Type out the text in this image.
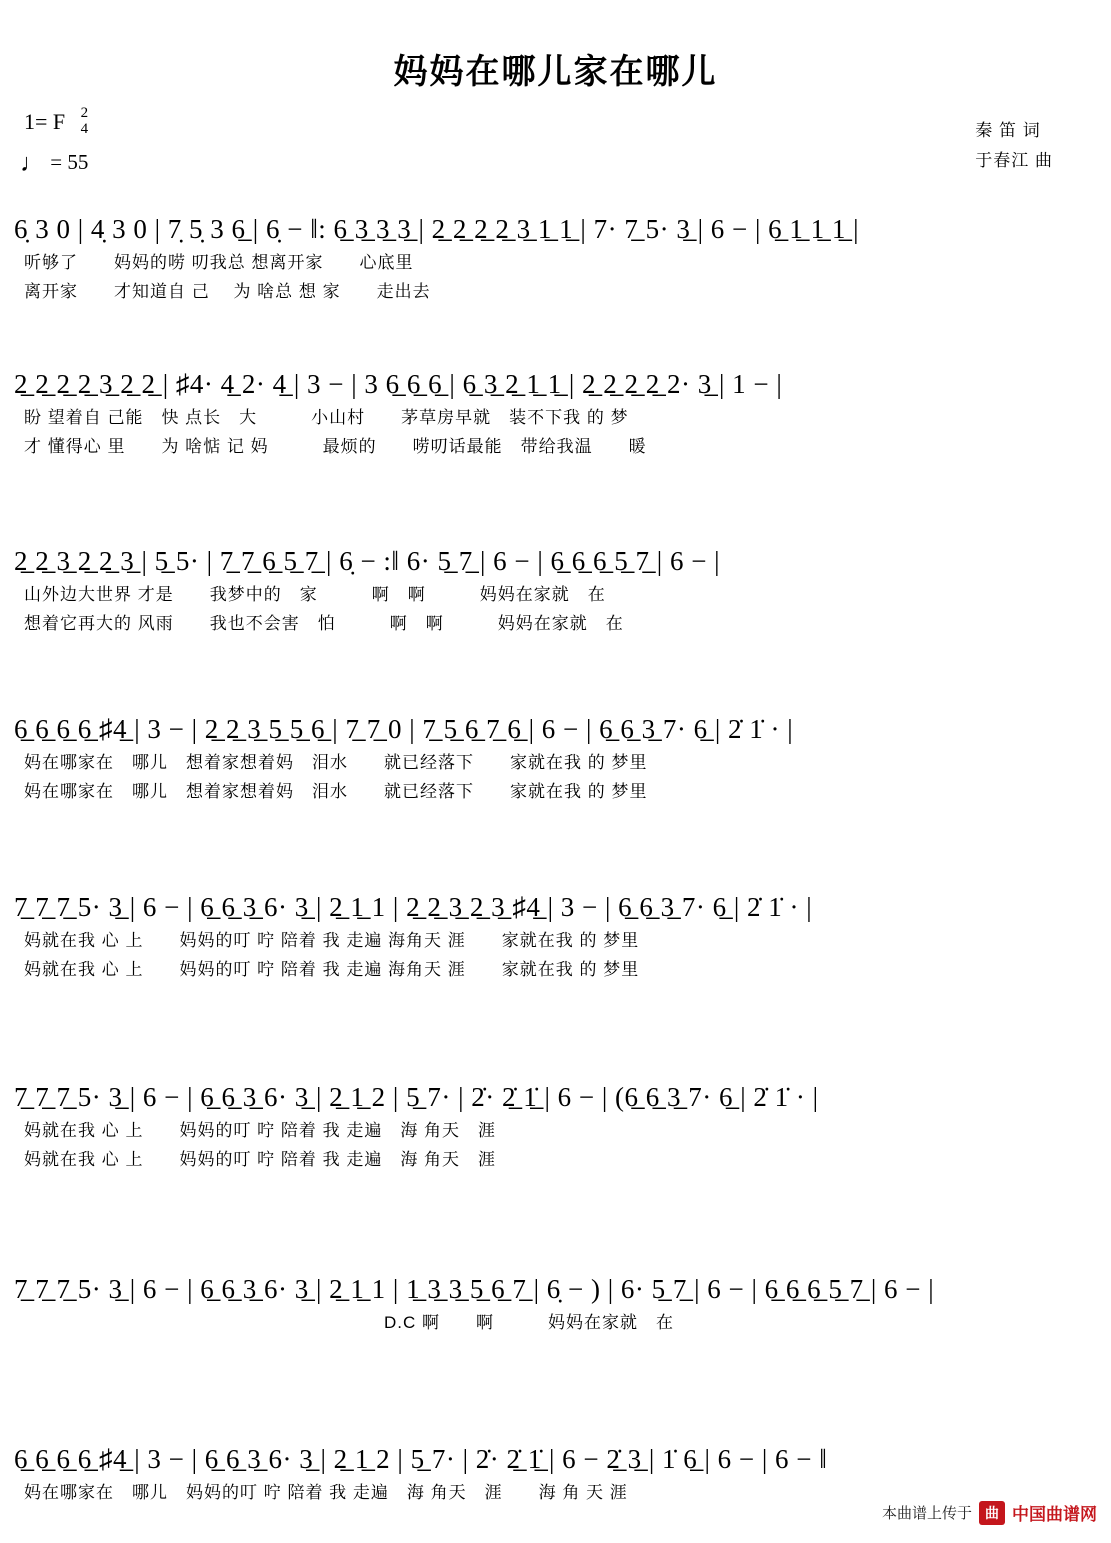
妈妈在哪儿家在哪儿
1= F 2
4
♩ = 55
秦 笛 词
于春江 曲
6̣ 3 0 | 4̣ 3 0 | 7̣ 5̣ 3 6̲ | 6̣ − ‖: 6̲ 3̲ 3̲ 3̲ | 2̲ 2̲ 2̲ 2̲ 3̲ 1̲ 1̲ | 7· 7̲ 5· 3̲ | 6 − | 6̲ 1̲ 1̲ 1̲ |
听够了　　妈妈的唠 叨我总 想离开家　　心底里
离开家　　才知道自 己　 为 啥总 想 家　　走出去
2̲ 2̲ 2̲ 2̲ 3̲ 2̲ 2̲ | ♯4· 4̲ 2· 4̲ | 3 − | 3 6̲ 6̲ 6̲ | 6̲ 3̲ 2̲ 1̲ 1̲ | 2̲ 2̲ 2̲ 2̲ 2· 3̲ | 1 − |
盼 望着自 己能　快 点长　大　　　小山村　　茅草房早就　装不下我 的 梦
才 懂得心 里　　为 啥惦 记 妈　　　最烦的　　唠叨话最能　带给我温　　暖
2̲ 2̲ 3̲ 2̲ 2̲ 3̲ | 5̲ 5· | 7̲ 7̲ 6̲ 5̲ 7̲ | 6̣ − :‖ 6· 5̲ 7̲ | 6 − | 6̲ 6̲ 6̲ 5̲ 7̲ | 6 − |
山外边大世界 才是　　我梦中的　家　　　啊　啊　　　妈妈在家就　在
想着它再大的 风雨　　我也不会害　怕　　　啊　啊　　　妈妈在家就　在
6̲ 6̲ 6̲ 6̲ ♯4̲ | 3 − | 2̲ 2̲ 3̲ 5̲ 5̲ 6̲ | 7̲ 7̲ 0 | 7̲ 5̲ 6̲ 7̲ 6̲ | 6 − | 6̲ 6̲ 3̲ 7· 6̲ | 2̇ 1̇ · |
妈在哪家在　哪儿　想着家想着妈　泪水　　就已经落下　　家就在我 的 梦里
妈在哪家在　哪儿　想着家想着妈　泪水　　就已经落下　　家就在我 的 梦里
7̲ 7̲ 7̲ 5· 3̲ | 6 − | 6̲ 6̲ 3̲ 6· 3̲ | 2̲ 1̲ 1 | 2̲ 2̲ 3̲ 2̲ 3̲ ♯4̲ | 3 − | 6̲ 6̲ 3̲ 7· 6̲ | 2̇ 1̇ · |
妈就在我 心 上　　妈妈的叮 咛 陪着 我 走遍 海角天 涯　　家就在我 的 梦里
妈就在我 心 上　　妈妈的叮 咛 陪着 我 走遍 海角天 涯　　家就在我 的 梦里
7̲ 7̲ 7̲ 5· 3̲ | 6 − | 6̲ 6̲ 3̲ 6· 3̲ | 2̲ 1̲ 2 | 5̲ 7· | 2̇· 2̲̇ 1̲̇ | 6 − | (6̲ 6̲ 3̲ 7· 6̲ | 2̇ 1̇ · |
妈就在我 心 上　　妈妈的叮 咛 陪着 我 走遍　海 角天　涯
妈就在我 心 上　　妈妈的叮 咛 陪着 我 走遍　海 角天　涯
7̲ 7̲ 7̲ 5· 3̲ | 6 − | 6̲ 6̲ 3̲ 6· 3̲ | 2̲ 1̲ 1 | 1̲ 3̲ 3̲ 5̲ 6̲ 7̲ | 6̣ − ) | 6· 5̲ 7̲ | 6 − | 6̲ 6̲ 6̲ 5̲ 7̲ | 6 − |
　　　　　　　　　　　　　　　　　　　　D.C 啊　　啊　　　妈妈在家就　在
6̲ 6̲ 6̲ 6̲ ♯4̲ | 3 − | 6̲ 6̲ 3̲ 6· 3̲ | 2̲ 1̲ 2 | 5̲ 7· | 2̇· 2̲̇ 1̲̇ | 6 − 2̲̇ 3̲ | 1̇ 6̲ | 6 − | 6 − ‖
妈在哪家在　哪儿　妈妈的叮 咛 陪着 我 走遍　海 角天　涯　　海 角 天 涯
本曲谱上传于 曲 中国曲谱网
